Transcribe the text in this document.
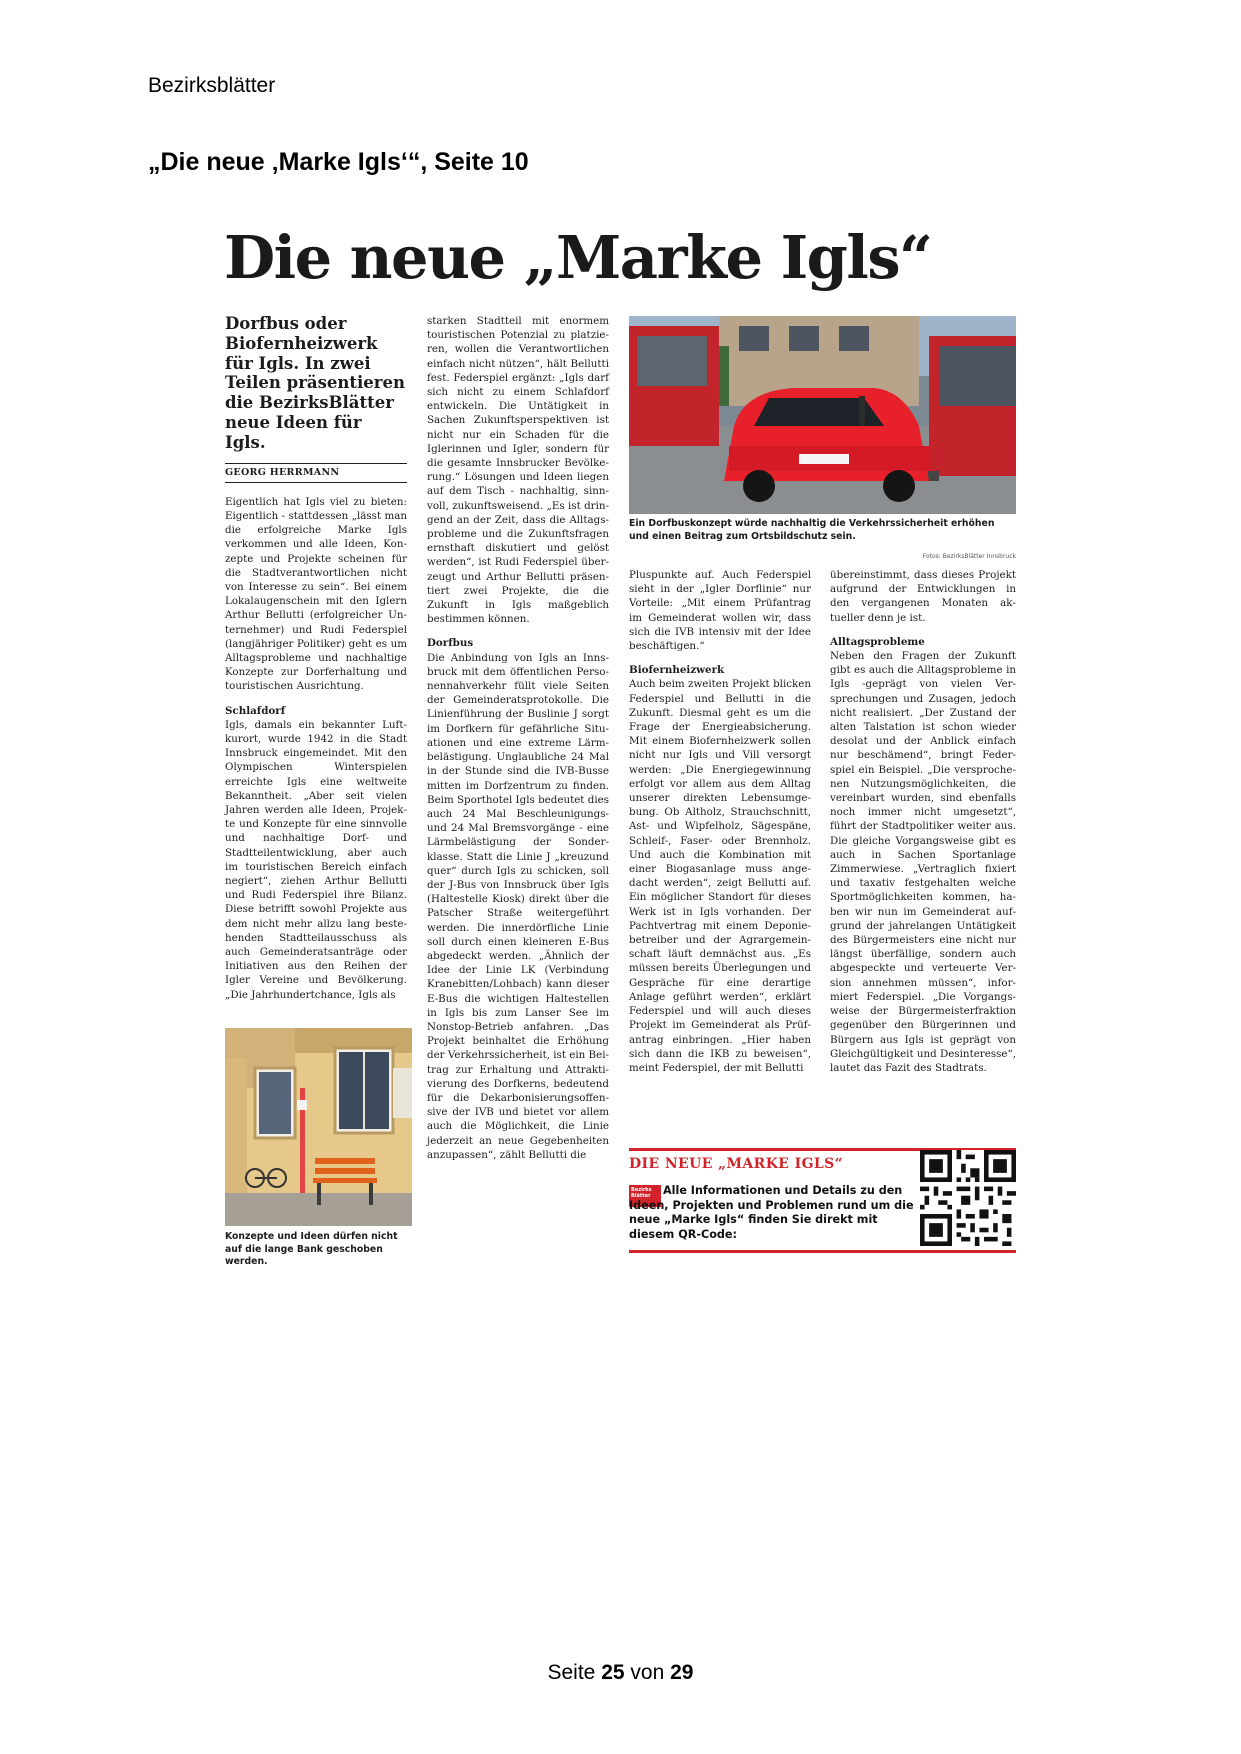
Bezirksblätter
„Die neue ‚Marke Igls‘“, Seite 10
Die neue „Marke Igls“

Dorfbus oder Biofernheizwerk für Igls. In zwei Teilen präsentieren die BezirksBlätter neue Ideen für Igls.

GEORG HERRMANN

Eigentlich hat Igls viel zu bieten: Eigentlich - stattdessen „lässt man die erfolgreiche Marke Igls verkommen und alle Ideen, Konzepte und Projekte scheinen für die Stadtverantwortlichen nicht von Interesse zu sein“. Bei einem Lokalaugenschein mit den Iglern Arthur Bellutti (erfolgreicher Unternehmer) und Rudi Federspiel (langjähriger Politiker) geht es um Alltagsprobleme und nachhaltige Konzepte zur Dorferhaltung und touristischen Ausrichtung.

Schlafdorf

Igls, damals ein bekannter Luftkurort, wurde 1942 in die Stadt Innsbruck eingemeindet. Mit den Olympischen Winterspielen erreichte Igls eine weltweite Bekanntheit. „Aber seit vielen Jahren werden alle Ideen, Projekte und Konzepte für eine sinnvolle und nachhaltige Dorf- und Stadtteilentwicklung, aber auch im touristischen Bereich einfach negiert“, ziehen Arthur Bellutti und Rudi Federspiel ihre Bilanz. Diese betrifft sowohl Projekte aus dem nicht mehr allzu lang bestehenden Stadtteilausschuss als auch Gemeinderatsanträge oder Initiativen aus den Reihen der Igler Vereine und Bevölkerung. „Die Jahrhundertchance, Igls als

Konzepte und Ideen dürfen nicht auf die lange Bank geschoben werden.

starken Stadtteil mit enormem touristischen Potenzial zu platzieren, wollen die Verantwortlichen einfach nicht nützen“, hält Bellutti fest. Federspiel ergänzt: „Igls darf sich nicht zu einem Schlafdorf entwickeln. Die Untätigkeit in Sachen Zukunftsperspektiven ist nicht nur ein Schaden für die Iglerinnen und Igler, sondern für die gesamte Innsbrucker Bevölkerung.“ Lösungen und Ideen liegen auf dem Tisch - nachhaltig, sinnvoll, zukunftsweisend. „Es ist dringend an der Zeit, dass die Alltagsprobleme und die Zukunftsfragen ernsthaft diskutiert und gelöst werden“, ist Rudi Federspiel überzeugt und Arthur Bellutti präsentiert zwei Projekte, die die Zukunft in Igls maßgeblich bestimmen können.

Dorfbus

Die Anbindung von Igls an Innsbruck mit dem öffentlichen Personennahverkehr füllt viele Seiten der Gemeinderatsprotokolle. Die Linienführung der Buslinie J sorgt im Dorfkern für gefährliche Situationen und eine extreme Lärmbelästigung. Unglaubliche 24 Mal in der Stunde sind die IVB-Busse mitten im Dorfzentrum zu finden. Beim Sporthotel Igls bedeutet dies auch 24 Mal Beschleunigungs- und 24 Mal Bremsvorgänge - eine Lärmbelästigung der Sonderklasse. Statt die Linie J „kreuzund quer“ durch Igls zu schicken, soll der J-Bus von Innsbruck über Igls (Haltestelle Kiosk) direkt über die Patscher Straße weitergeführt werden. Die innerdörfliche Linie soll durch einen kleineren E-Bus abgedeckt werden. „Ähnlich der Idee der Linie LK (Verbindung Kranebitten/Lohbach) kann dieser E-Bus die wichtigen Haltestellen in Igls bis zum Lanser See im Nonstop-Betrieb anfahren. „Das Projekt beinhaltet die Erhöhung der Verkehrssicherheit, ist ein Beitrag zur Erhaltung und Attraktivierung des Dorfkerns, bedeutend für die Dekarbonisierungsoffensive der IVB und bietet vor allem auch die Möglichkeit, die Linie jederzeit an neue Gegebenheiten anzupassen“, zählt Bellutti die

Ein Dorfbuskonzept würde nachhaltig die Verkehrssicherheit erhöhen und einen Beitrag zum Ortsbildschutz sein.
Fotos: BezirksBlätter Innsbruck

Pluspunkte auf. Auch Federspiel sieht in der „Igler Dorflinie“ nur Vorteile: „Mit einem Prüfantrag im Gemeinderat wollen wir, dass sich die IVB intensiv mit der Idee beschäftigen.“

Biofernheizwerk

Auch beim zweiten Projekt blicken Federspiel und Bellutti in die Zukunft. Diesmal geht es um die Frage der Energieabsicherung. Mit einem Biofernheizwerk sollen nicht nur Igls und Vill versorgt werden: „Die Energiegewinnung erfolgt vor allem aus dem Alltag unserer direkten Lebensumgebung. Ob Altholz, Strauchschnitt, Ast- und Wipfelholz, Sägespäne, Schleif-, Faser- oder Brennholz. Und auch die Kombination mit einer Biogasanlage muss angedacht werden“, zeigt Bellutti auf. Ein möglicher Standort für dieses Werk ist in Igls vorhanden. Der Pachtvertrag mit einem Deponiebetreiber und der Agrargemeinschaft läuft demnächst aus. „Es müssen bereits Überlegungen und Gespräche für eine derartige Anlage geführt werden“, erklärt Federspiel und will auch dieses Projekt im Gemeinderat als Prüfantrag einbringen. „Hier haben sich dann die IKB zu beweisen“, meint Federspiel, der mit Bellutti

übereinstimmt, dass dieses Projekt aufgrund der Entwicklungen in den vergangenen Monaten aktueller denn je ist.

Alltagsprobleme

Neben den Fragen der Zukunft gibt es auch die Alltagsprobleme in Igls -geprägt von vielen Versprechungen und Zusagen, jedoch nicht realisiert. „Der Zustand der alten Talstation ist schon wieder desolat und der Anblick einfach nur beschämend“, bringt Federspiel ein Beispiel. „Die versprochenen Nutzungsmöglichkeiten, die vereinbart wurden, sind ebenfalls noch immer nicht umgesetzt“, führt der Stadtpolitiker weiter aus. Die gleiche Vorgangsweise gibt es auch in Sachen Sportanlage Zimmerwiese. „Vertraglich fixiert und taxativ festgehalten welche Sportmöglichkeiten kommen, haben wir nun im Gemeinderat aufgrund der jahrelangen Untätigkeit des Bürgermeisters eine nicht nur längst überfällige, sondern auch abgespeckte und verteuerte Version annehmen müssen“, informiert Federspiel. „Die Vorgangsweise der Bürgermeisterfraktion gegenüber den Bürgerinnen und Bürgern aus Igls ist geprägt von Gleichgültigkeit und Desinteresse“, lautet das Fazit des Stadtrats.

DIE NEUE „MARKE IGLS“
Bezirks
Blätter	Alle Informationen und Details zu den Ideen, Projekten und Problemen rund um die neue „Marke Igls“ finden Sie direkt mit diesem QR-Code:
Seite 25 von 29
